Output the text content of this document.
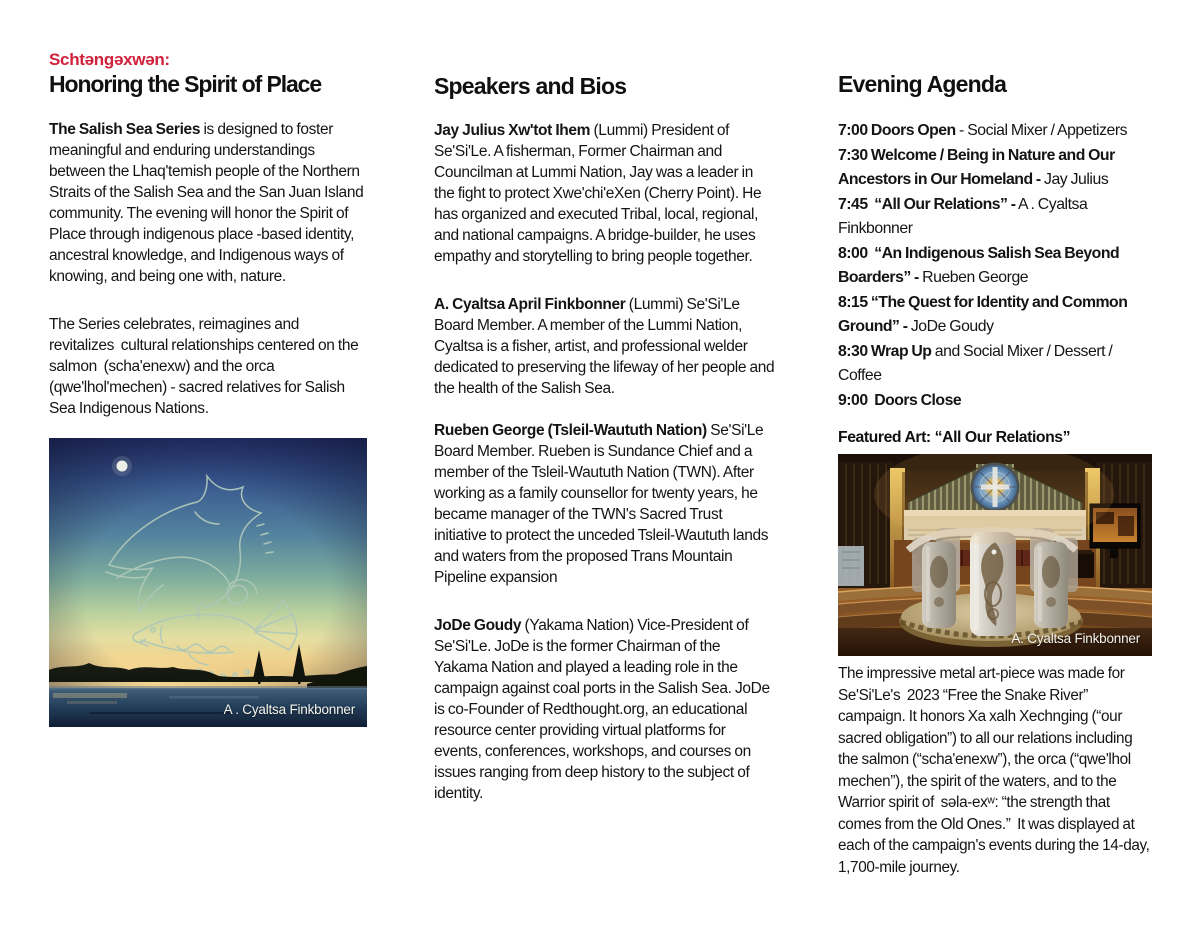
Schtəngəxwən:
Honoring the Spirit of Place

The Salish Sea Series is designed to foster meaningful and enduring understandings between the Lhaq'temish people of the Northern Straits of the Salish Sea and the San Juan Island community. The evening will honor the Spirit of Place through indigenous place -based identity, ancestral knowledge, and Indigenous ways of knowing, and being one with, nature.

The Series celebrates, reimagines and revitalizes  cultural relationships centered on the salmon  (scha'enexw) and the orca (qwe'lhol'mechen) - sacred relatives for Salish Sea Indigenous Nations.

A . Cyaltsa Finkbonner
Speakers and Bios

Jay Julius Xw'tot Ihem (Lummi) President of Se'Si'Le. A fisherman, Former Chairman and Councilman at Lummi Nation, Jay was a leader in the fight to protect Xwe'chi'eXen (Cherry Point). He has organized and executed Tribal, local, regional, and national campaigns. A bridge-builder, he uses empathy and storytelling to bring people together.

A. Cyaltsa April Finkbonner (Lummi) Se'Si'Le Board Member. A member of the Lummi Nation, Cyaltsa is a fisher, artist, and professional welder dedicated to preserving the lifeway of her people and the health of the Salish Sea.

Rueben George (Tsleil-Waututh Nation) Se'Si'Le Board Member. Rueben is Sundance Chief and a member of the Tsleil-Waututh Nation (TWN). After working as a family counsellor for twenty years, he became manager of the TWN's Sacred Trust initiative to protect the unceded Tsleil-Waututh lands and waters from the proposed Trans Mountain Pipeline expansion

JoDe Goudy (Yakama Nation) Vice-President of Se'Si'Le. JoDe is the former Chairman of the Yakama Nation and played a leading role in the campaign against coal ports in the Salish Sea. JoDe is co-Founder of Redthought.org, an educational resource center providing virtual platforms for events, conferences, workshops, and courses on issues ranging from deep history to the subject of identity.

Evening Agenda
7:00 Doors Open - Social Mixer / Appetizers
7:30 Welcome / Being in Nature and Our Ancestors in Our Homeland - Jay Julius
7:45  “All Our Relations” - A . Cyaltsa Finkbonner
8:00  “An Indigenous Salish Sea Beyond Boarders” - Rueben George
8:15 “The Quest for Identity and Common Ground” - JoDe Goudy
8:30 Wrap Up and Social Mixer / Dessert / Coffee
9:00  Doors Close

Featured Art: “All Our Relations”

A. Cyaltsa Finkbonner

The impressive metal art-piece was made for Se'Si'Le's  2023 “Free the Snake River” campaign. It honors Xa xalh Xechnging (“our sacred obligation”) to all our relations including the salmon (“scha'enexw”), the orca (“qwe'lhol mechen”), the spirit of the waters, and to the Warrior spirit of  səla-exʷ: “the strength that comes from the Old Ones.”  It was displayed at each of the campaign's events during the 14-day, 1,700-mile journey.
